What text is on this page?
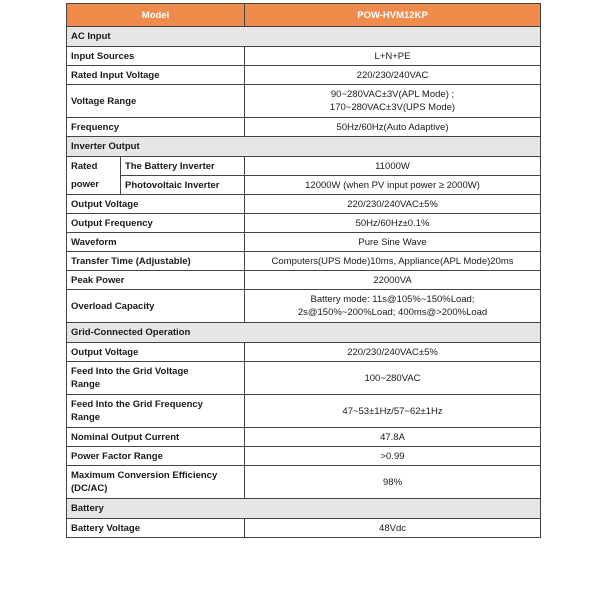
Model		POW-HVM12KP
AC Input		
Input Sources		L+N+PE
Rated Input Voltage		220/230/240VAC
Voltage Range		90~280VAC±3V(APL Mode) ;
170~280VAC±3V(UPS Mode)

Frequency		50Hz/60Hz(Auto Adaptive)
Inverter Output		
Rated	The Battery Inverter	11000W
power	Photovoltaic Inverter	12000W (when PV input power ≥ 2000W)
Output Voltage		220/230/240VAC±5%
Output Frequency		50Hz/60Hz±0.1%
Waveform		Pure Sine Wave
Transfer Time (Adjustable)		Computers(UPS Mode)10ms, Appliance(APL Mode)20ms
Peak Power		22000VA
Overload Capacity		Battery mode: 11s@105%~150%Load;
2s@150%~200%Load; 400ms@>200%Load

Grid-Connected Operation		
Output Voltage		220/230/240VAC±5%

Feed Into the Grid Voltage
Range		100~280VAC

Feed Into the Grid Frequency
Range		47~53±1Hz/57~62±1Hz
Nominal Output Current		47.8A
Power Factor Range		>0.99

Maximum Conversion Efficiency
(DC/AC)		98%
Battery		
Battery Voltage		48Vdc
